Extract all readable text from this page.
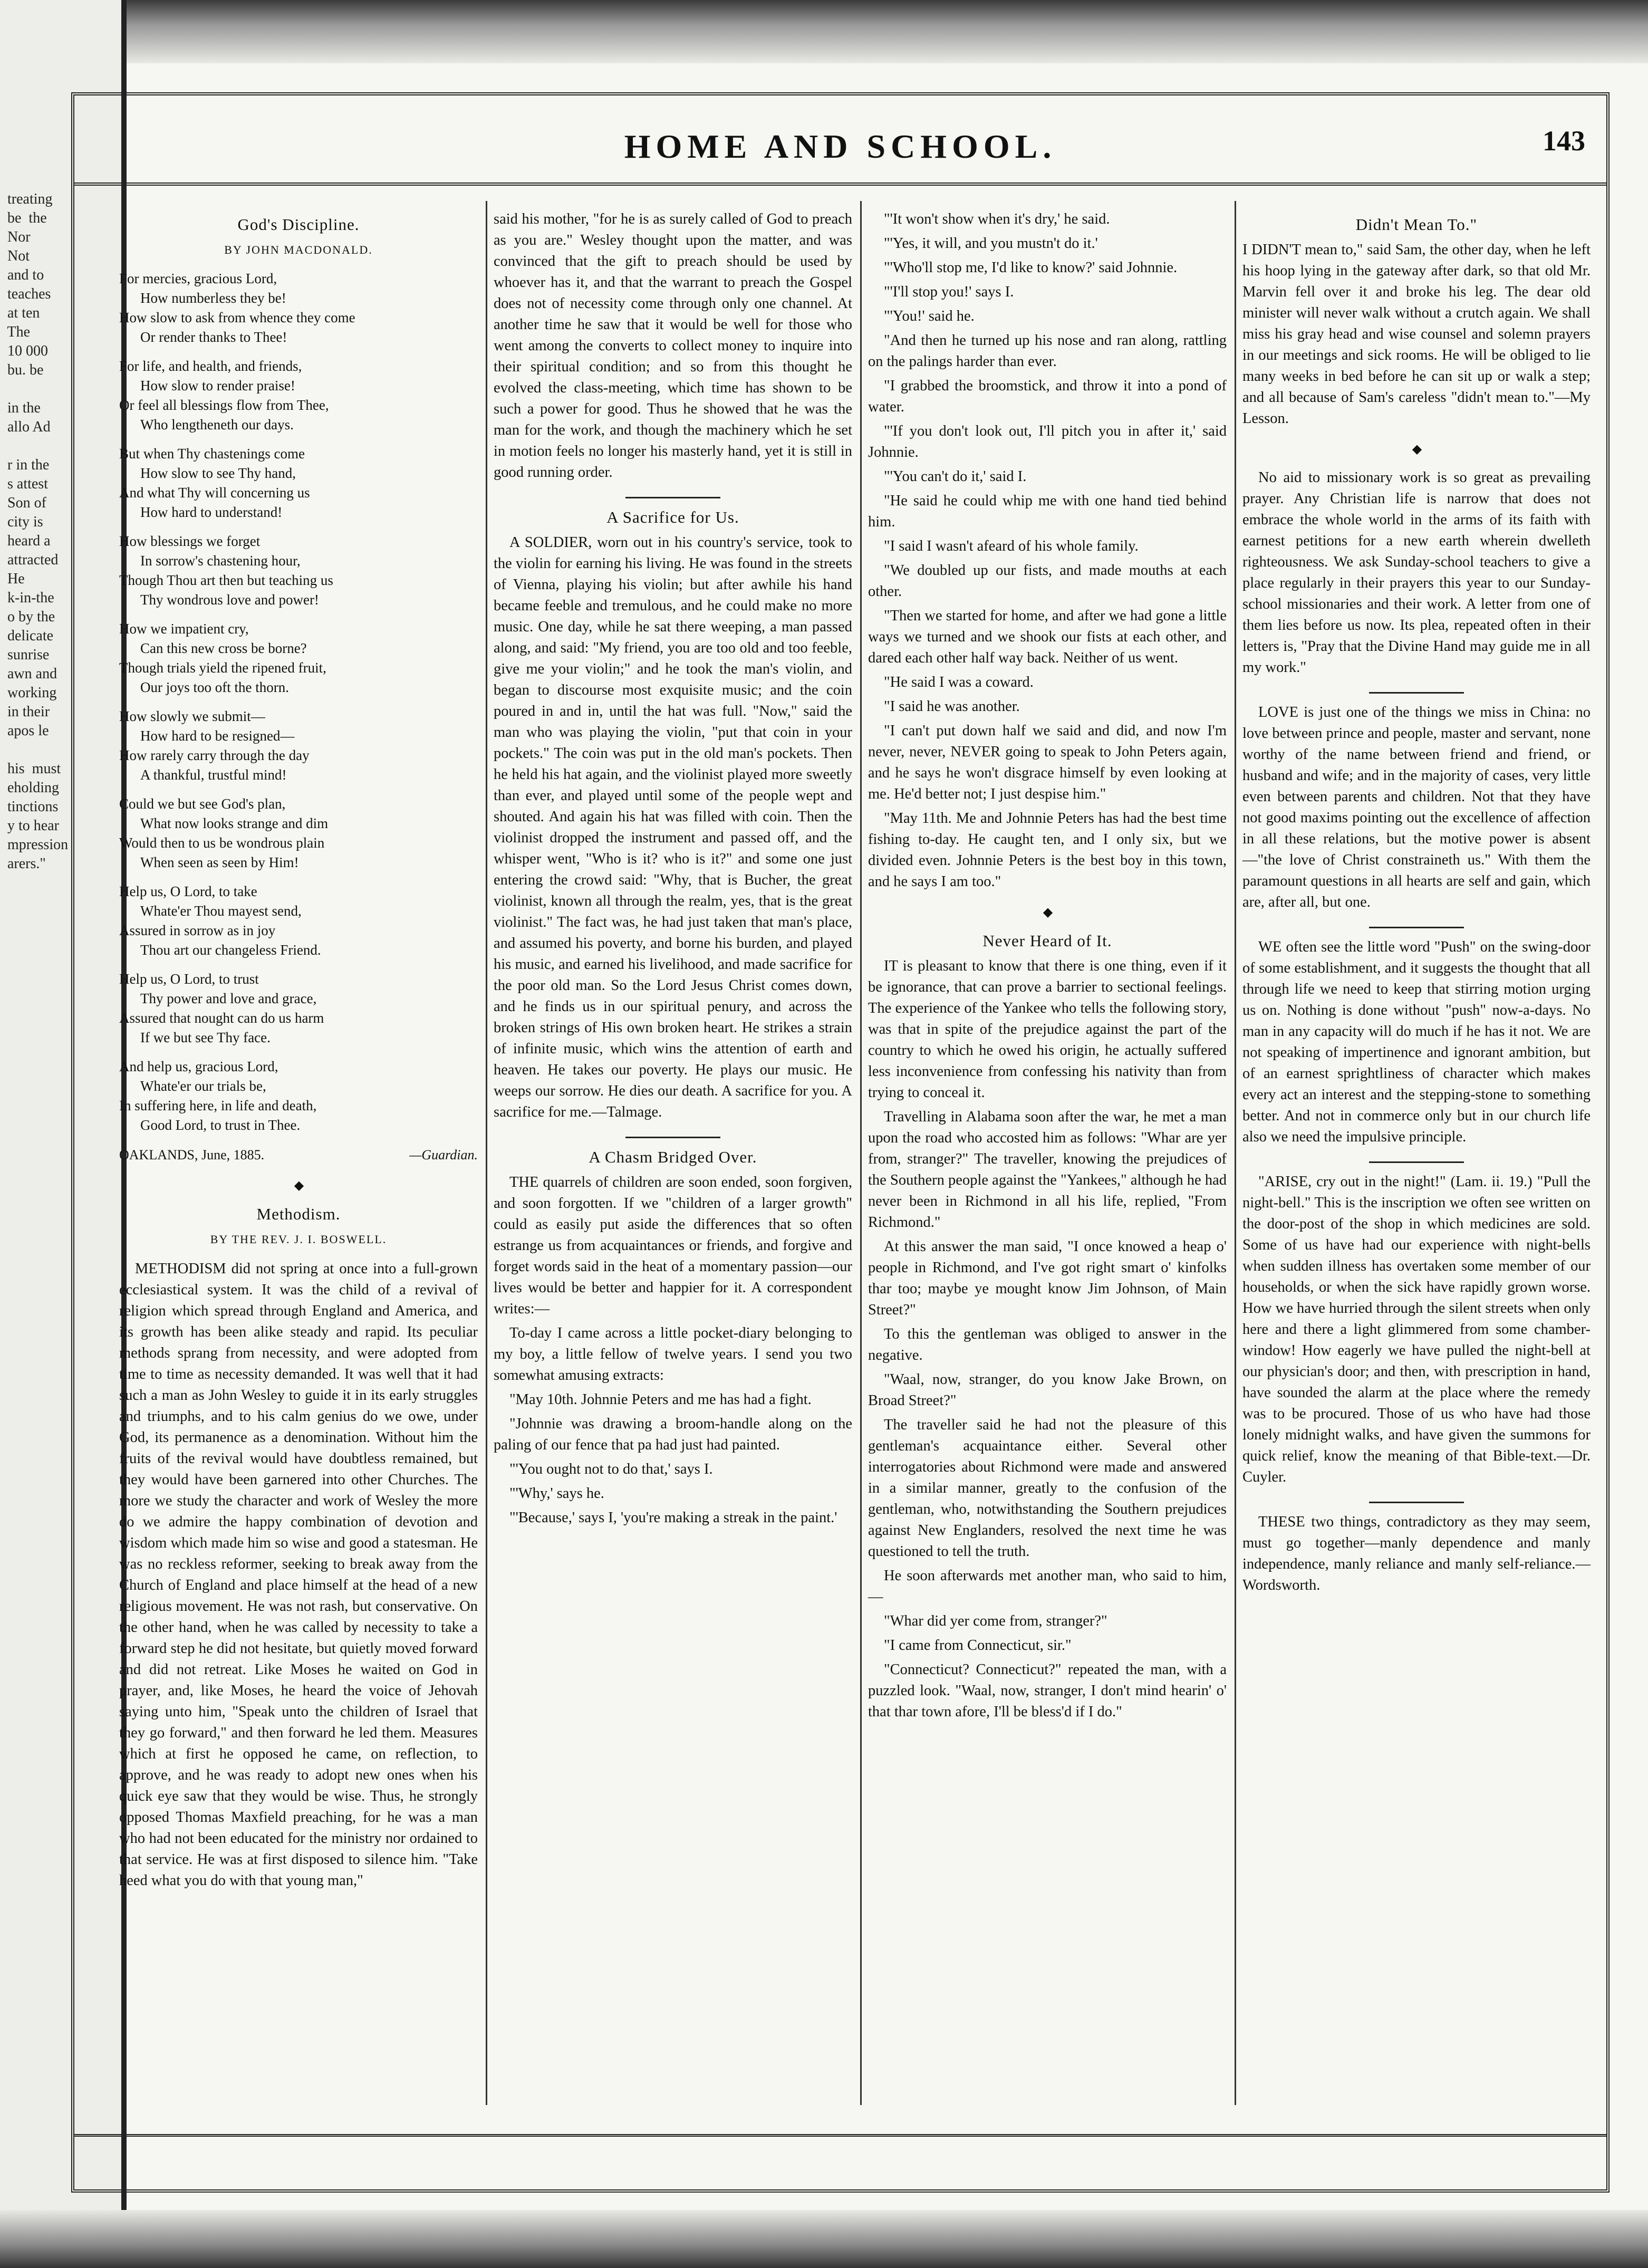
treating
be  the
Nor
Not
and to
teaches
at ten
The
10 000
bu. be

in the
allo Ad

r in the
s attest
Son of
city is
heard a
attracted
He
k-in-the
o by the
delicate
sunrise
awn and
working
in their
apos le

his  must
eholding
tinctions
y to hear
mpression
arers."
HOME AND SCHOOL.	143
God's Discipline.
BY JOHN MACDONALD.
For mercies, gracious Lord,
How numberless they be!
How slow to ask from whence they come
Or render thanks to Thee!
For life, and health, and friends,
How slow to render praise!
Or feel all blessings flow from Thee,
Who lengtheneth our days.
But when Thy chastenings come
How slow to see Thy hand,
And what Thy will concerning us
How hard to understand!
How blessings we forget
In sorrow's chastening hour,
Though Thou art then but teaching us
Thy wondrous love and power!
How we impatient cry,
Can this new cross be borne?
Though trials yield the ripened fruit,
Our joys too oft the thorn.
How slowly we submit—
How hard to be resigned—
How rarely carry through the day
A thankful, trustful mind!
Could we but see God's plan,
What now looks strange and dim
Would then to us be wondrous plain
When seen as seen by Him!
Help us, O Lord, to take
Whate'er Thou mayest send,
Assured in sorrow as in joy
Thou art our changeless Friend.
Help us, O Lord, to trust
Thy power and love and grace,
Assured that nought can do us harm
If we but see Thy face.
And help us, gracious Lord,
Whate'er our trials be,
In suffering here, in life and death,
Good Lord, to trust in Thee.
—Guardian.
OAKLANDS, June, 1885.
◆
Methodism.
BY THE REV. J. I. BOSWELL.

METHODISM did not spring at once into a full-grown ecclesiastical system. It was the child of a revival of religion which spread through England and America, and its growth has been alike steady and rapid. Its peculiar methods sprang from necessity, and were adopted from time to time as necessity demanded. It was well that it had such a man as John Wesley to guide it in its early struggles and triumphs, and to his calm genius do we owe, under God, its permanence as a denomination. Without him the fruits of the revival would have doubtless remained, but they would have been garnered into other Churches. The more we study the character and work of Wesley the more do we admire the happy combination of devotion and wisdom which made him so wise and good a statesman. He was no reckless reformer, seeking to break away from the Church of England and place himself at the head of a new religious movement. He was not rash, but conservative. On the other hand, when he was called by necessity to take a forward step he did not hesitate, but quietly moved forward and did not retreat. Like Moses he waited on God in prayer, and, like Moses, he heard the voice of Jehovah saying unto him, "Speak unto the children of Israel that they go forward," and then forward he led them. Measures which at first he opposed he came, on reflection, to approve, and he was ready to adopt new ones when his quick eye saw that they would be wise. Thus, he strongly opposed Thomas Maxfield preaching, for he was a man who had not been educated for the ministry nor ordained to that service. He was at first disposed to silence him. "Take heed what you do with that young man,"

said his mother, "for he is as surely called of God to preach as you are." Wesley thought upon the matter, and was convinced that the gift to preach should be used by whoever has it, and that the warrant to preach the Gospel does not of necessity come through only one channel. At another time he saw that it would be well for those who went among the converts to collect money to inquire into their spiritual condition; and so from this thought he evolved the class-meeting, which time has shown to be such a power for good. Thus he showed that he was the man for the work, and though the machinery which he set in motion feels no longer his masterly hand, yet it is still in good running order.

A Sacrifice for Us.

A SOLDIER, worn out in his country's service, took to the violin for earning his living. He was found in the streets of Vienna, playing his violin; but after awhile his hand became feeble and tremulous, and he could make no more music. One day, while he sat there weeping, a man passed along, and said: "My friend, you are too old and too feeble, give me your violin;" and he took the man's violin, and began to discourse most exquisite music; and the coin poured in and in, until the hat was full. "Now," said the man who was playing the violin, "put that coin in your pockets." The coin was put in the old man's pockets. Then he held his hat again, and the violinist played more sweetly than ever, and played until some of the people wept and shouted. And again his hat was filled with coin. Then the violinist dropped the instrument and passed off, and the whisper went, "Who is it? who is it?" and some one just entering the crowd said: "Why, that is Bucher, the great violinist, known all through the realm, yes, that is the great violinist." The fact was, he had just taken that man's place, and assumed his poverty, and borne his burden, and played his music, and earned his livelihood, and made sacrifice for the poor old man. So the Lord Jesus Christ comes down, and he finds us in our spiritual penury, and across the broken strings of His own broken heart. He strikes a strain of infinite music, which wins the attention of earth and heaven. He takes our poverty. He plays our music. He weeps our sorrow. He dies our death. A sacrifice for you. A sacrifice for me.—Talmage.

A Chasm Bridged Over.

THE quarrels of children are soon ended, soon forgiven, and soon forgotten. If we "children of a larger growth" could as easily put aside the differences that so often estrange us from acquaintances or friends, and forgive and forget words said in the heat of a momentary passion—our lives would be better and happier for it. A correspondent writes:—

To-day I came across a little pocket-diary belonging to my boy, a little fellow of twelve years. I send you two somewhat amusing extracts:

"May 10th. Johnnie Peters and me has had a fight.

"Johnnie was drawing a broom-handle along on the paling of our fence that pa had just had painted.

"'You ought not to do that,' says I.

"'Why,' says he.

"'Because,' says I, 'you're making a streak in the paint.'

"'It won't show when it's dry,' he said.

"'Yes, it will, and you mustn't do it.'

"'Who'll stop me, I'd like to know?' said Johnnie.

"'I'll stop you!' says I.

"'You!' said he.

"And then he turned up his nose and ran along, rattling on the palings harder than ever.

"I grabbed the broomstick, and throw it into a pond of water.

"'If you don't look out, I'll pitch you in after it,' said Johnnie.

"'You can't do it,' said I.

"He said he could whip me with one hand tied behind him.

"I said I wasn't afeard of his whole family.

"We doubled up our fists, and made mouths at each other.

"Then we started for home, and after we had gone a little ways we turned and we shook our fists at each other, and dared each other half way back. Neither of us went.

"He said I was a coward.

"I said he was another.

"I can't put down half we said and did, and now I'm never, never, NEVER going to speak to John Peters again, and he says he won't disgrace himself by even looking at me. He'd better not; I just despise him."

"May 11th. Me and Johnnie Peters has had the best time fishing to-day. He caught ten, and I only six, but we divided even. Johnnie Peters is the best boy in this town, and he says I am too."

◆
Never Heard of It.

IT is pleasant to know that there is one thing, even if it be ignorance, that can prove a barrier to sectional feelings. The experience of the Yankee who tells the following story, was that in spite of the prejudice against the part of the country to which he owed his origin, he actually suffered less inconvenience from confessing his nativity than from trying to conceal it.

Travelling in Alabama soon after the war, he met a man upon the road who accosted him as follows: "Whar are yer from, stranger?" The traveller, knowing the prejudices of the Southern people against the "Yankees," although he had never been in Richmond in all his life, replied, "From Richmond."

At this answer the man said, "I once knowed a heap o' people in Richmond, and I've got right smart o' kinfolks thar too; maybe ye mought know Jim Johnson, of Main Street?"

To this the gentleman was obliged to answer in the negative.

"Waal, now, stranger, do you know Jake Brown, on Broad Street?"

The traveller said he had not the pleasure of this gentleman's acquaintance either. Several other interrogatories about Richmond were made and answered in a similar manner, greatly to the confusion of the gentleman, who, notwithstanding the Southern prejudices against New Englanders, resolved the next time he was questioned to tell the truth.

He soon afterwards met another man, who said to him,—

"Whar did yer come from, stranger?"

"I came from Connecticut, sir."

"Connecticut? Connecticut?" repeated the man, with a puzzled look. "Waal, now, stranger, I don't mind hearin' o' that thar town afore, I'll be bless'd if I do."

Didn't Mean To."

I DIDN'T mean to," said Sam, the other day, when he left his hoop lying in the gateway after dark, so that old Mr. Marvin fell over it and broke his leg. The dear old minister will never walk without a crutch again. We shall miss his gray head and wise counsel and solemn prayers in our meetings and sick rooms. He will be obliged to lie many weeks in bed before he can sit up or walk a step; and all because of Sam's careless "didn't mean to."—My Lesson.

◆

No aid to missionary work is so great as prevailing prayer. Any Christian life is narrow that does not embrace the whole world in the arms of its faith with earnest petitions for a new earth wherein dwelleth righteousness. We ask Sunday-school teachers to give a place regularly in their prayers this year to our Sunday-school missionaries and their work. A letter from one of them lies before us now. Its plea, repeated often in their letters is, "Pray that the Divine Hand may guide me in all my work."

LOVE is just one of the things we miss in China: no love between prince and people, master and servant, none worthy of the name between friend and friend, or husband and wife; and in the majority of cases, very little even between parents and children. Not that they have not good maxims pointing out the excellence of affection in all these relations, but the motive power is absent —"the love of Christ constraineth us." With them the paramount questions in all hearts are self and gain, which are, after all, but one.

WE often see the little word "Push" on the swing-door of some establishment, and it suggests the thought that all through life we need to keep that stirring motion urging us on. Nothing is done without "push" now-a-days. No man in any capacity will do much if he has it not. We are not speaking of impertinence and ignorant ambition, but of an earnest sprightliness of character which makes every act an interest and the stepping-stone to something better. And not in commerce only but in our church life also we need the impulsive principle.

"ARISE, cry out in the night!" (Lam. ii. 19.) "Pull the night-bell." This is the inscription we often see written on the door-post of the shop in which medicines are sold. Some of us have had our experience with night-bells when sudden illness has overtaken some member of our households, or when the sick have rapidly grown worse. How we have hurried through the silent streets when only here and there a light glimmered from some chamber-window! How eagerly we have pulled the night-bell at our physician's door; and then, with prescription in hand, have sounded the alarm at the place where the remedy was to be procured. Those of us who have had those lonely midnight walks, and have given the summons for quick relief, know the meaning of that Bible-text.—Dr. Cuyler.

THESE two things, contradictory as they may seem, must go together—manly dependence and manly independence, manly reliance and manly self-reliance.—Wordsworth.
